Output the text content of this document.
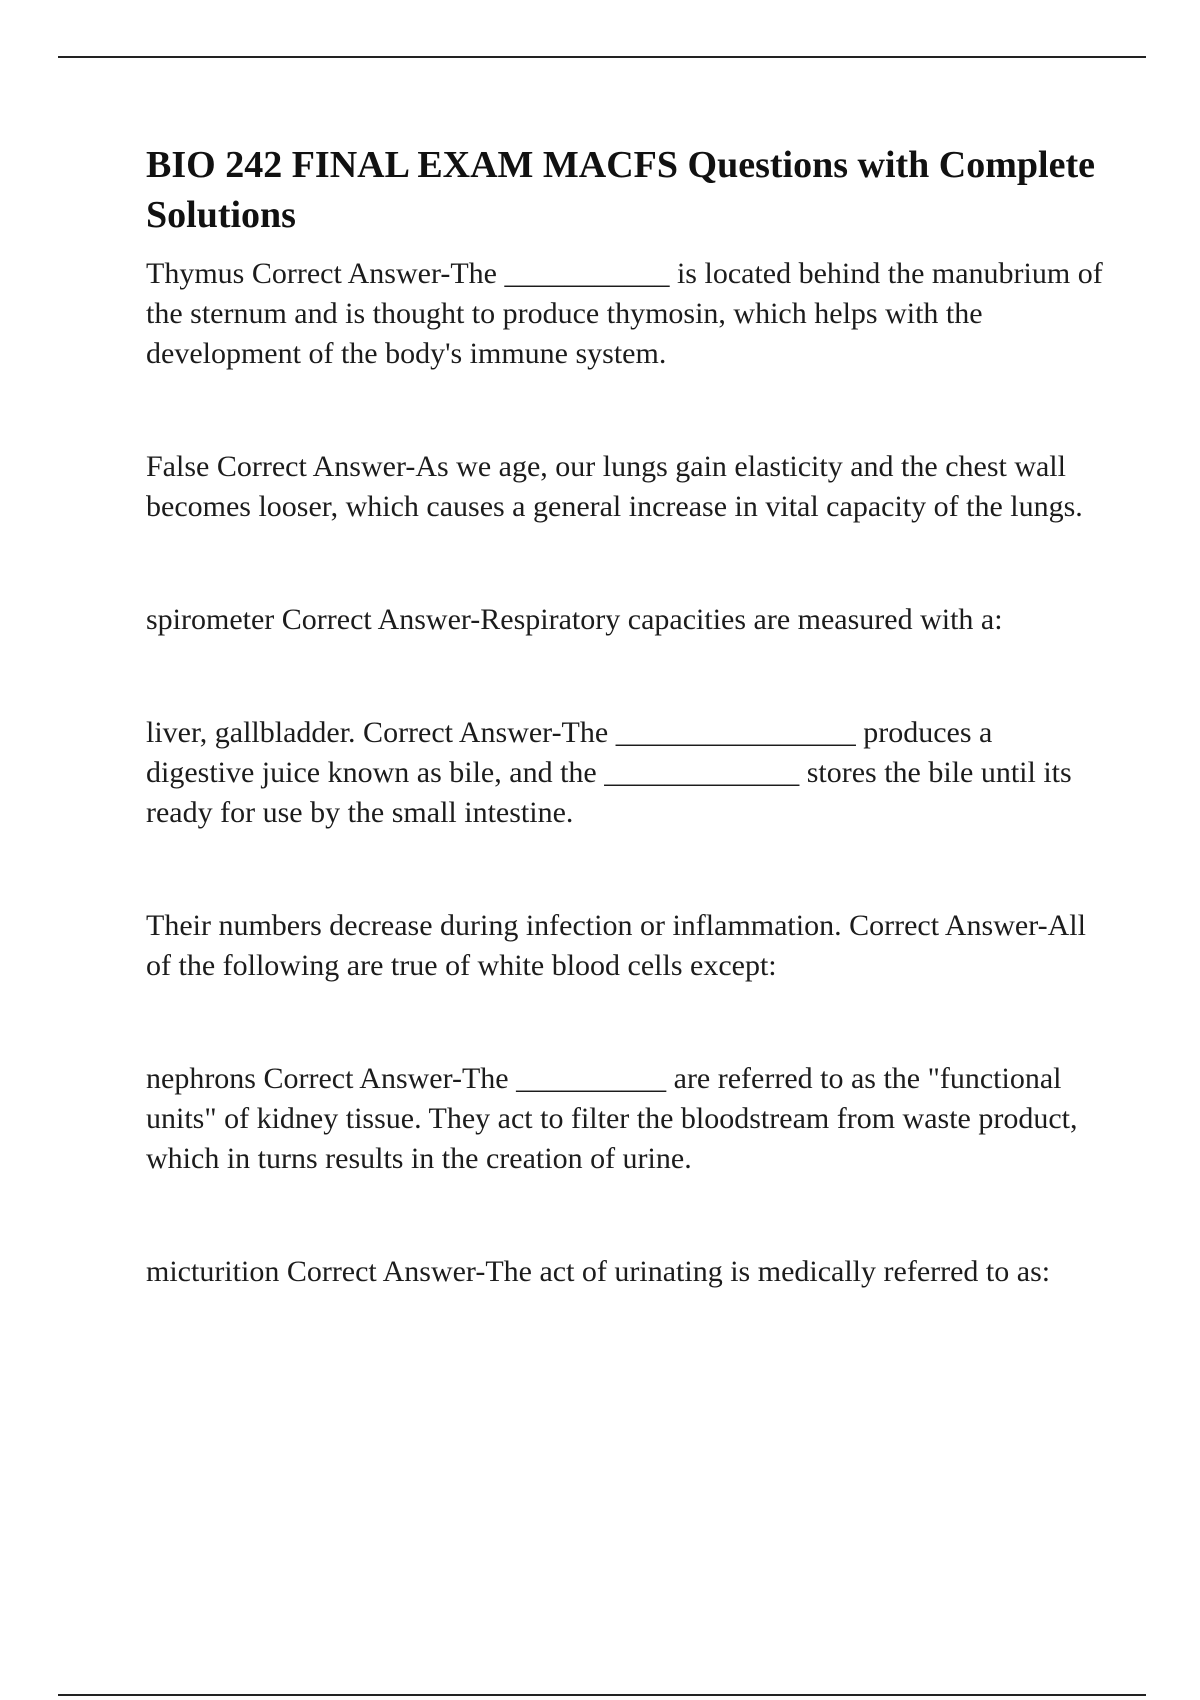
BIO 242 FINAL EXAM MACFS Questions with Complete Solutions

Thymus Correct Answer-The ___________ is located behind the manubrium of the sternum and is thought to produce thymosin, which helps with the development of the body's immune system.

False Correct Answer-As we age, our lungs gain elasticity and the chest wall becomes looser, which causes a general increase in vital capacity of the lungs.

spirometer Correct Answer-Respiratory capacities are measured with a:

liver, gallbladder. Correct Answer-The ________________ produces a digestive juice known as bile, and the _____________ stores the bile until its ready for use by the small intestine.

Their numbers decrease during infection or inflammation. Correct Answer-All of the following are true of white blood cells except:

nephrons Correct Answer-The __________ are referred to as the "functional units" of kidney tissue. They act to filter the bloodstream from waste product, which in turns results in the creation of urine.

micturition Correct Answer-The act of urinating is medically referred to as:
